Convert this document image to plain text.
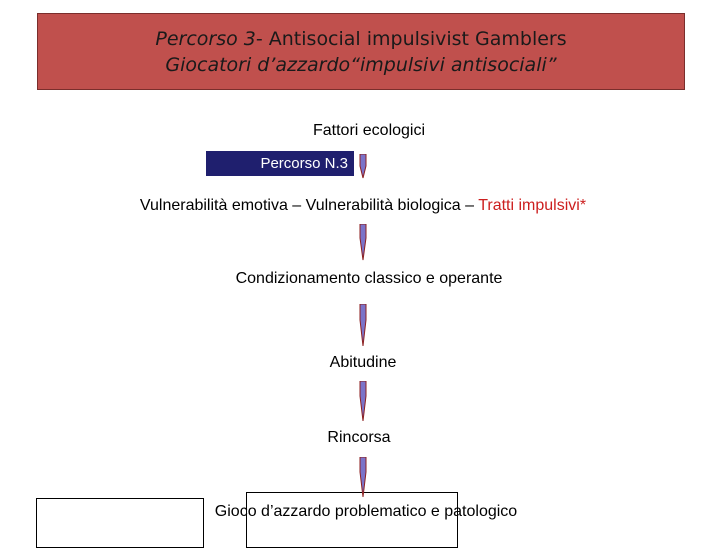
Percorso 3- Antisocial impulsivist Gamblers
Giocatori d’azzardo“impulsivi antisociali”
Fattori ecologici
Percorso N.3
Vulnerabilità emotiva – Vulnerabilità biologica – Tratti impulsivi*
Condizionamento classico e operante
Abitudine
Rincorsa
Gioco d’azzardo problematico e patologico
